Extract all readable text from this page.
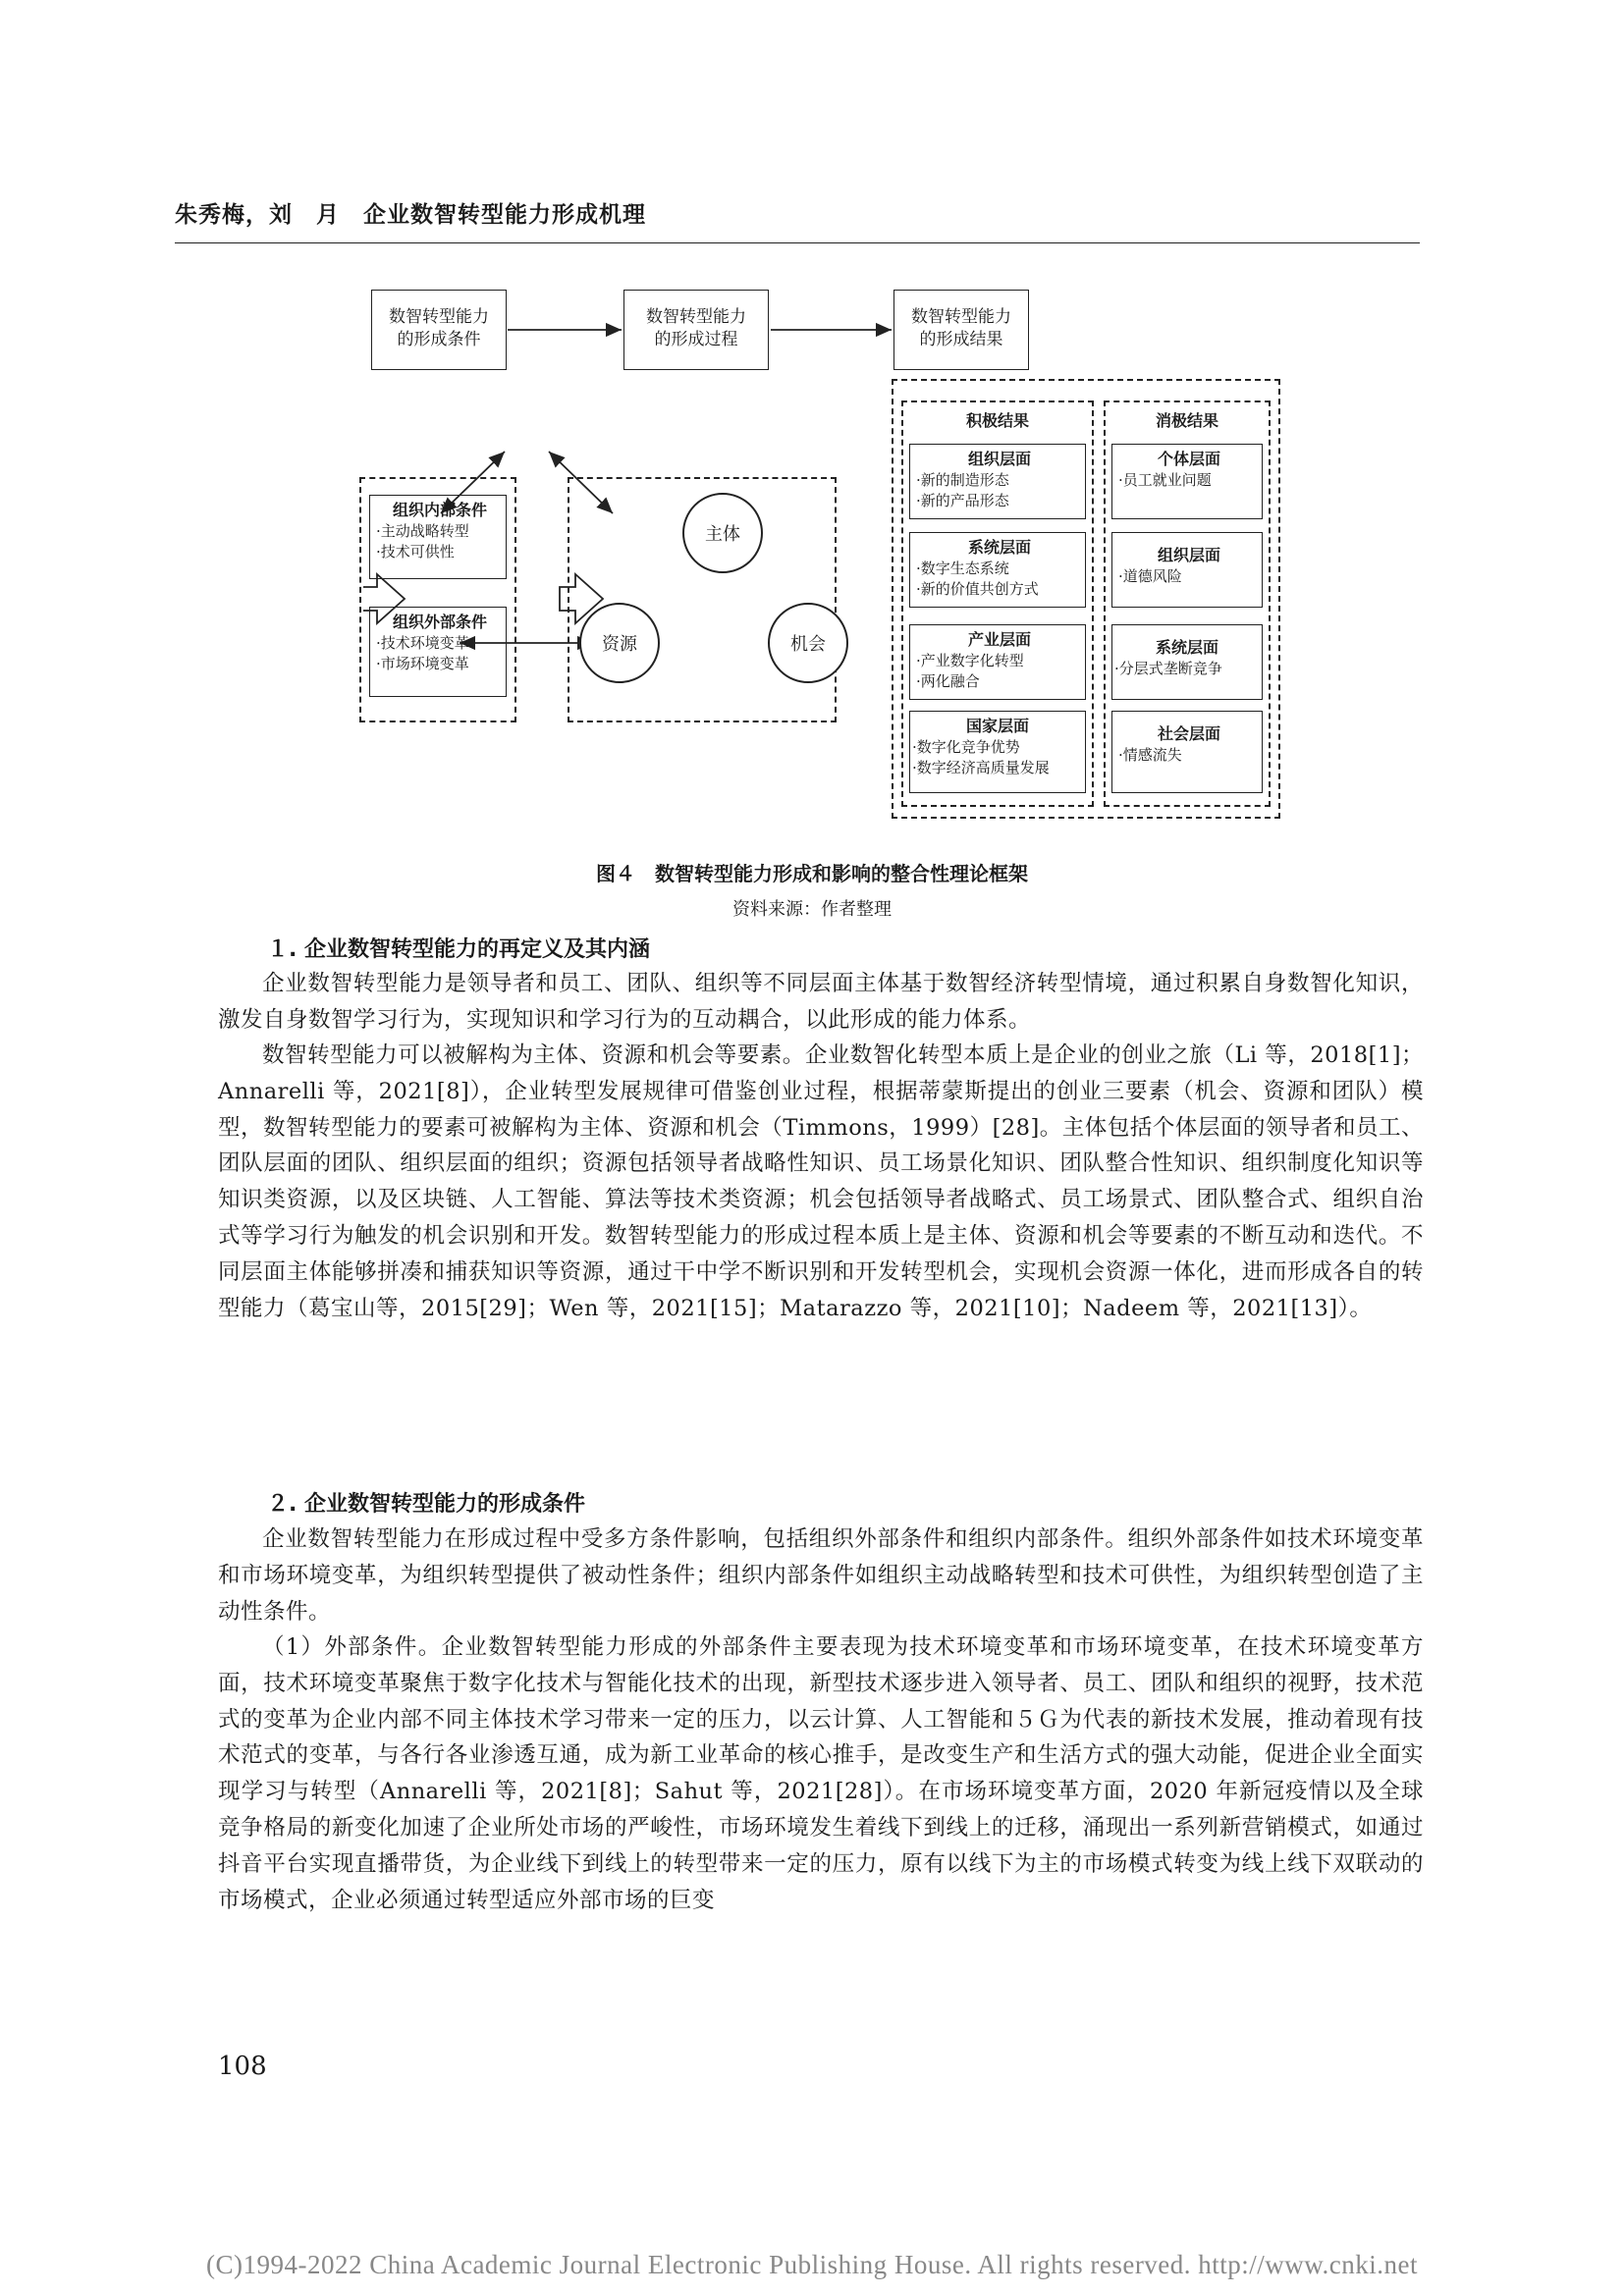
朱秀梅，刘　月　企业数智转型能力形成机理
数智转型能力
的形成条件
数智转型能力
的形成过程
数智转型能力
的形成结果
组织内部条件
·主动战略转型
·技术可供性
组织外部条件
·技术环境变革
·市场环境变革
主体
资源	机会
积极结果
组织层面
·新的制造形态
·新的产品形态
系统层面
·数字生态系统
·新的价值共创方式
产业层面
·产业数字化转型
·两化融合
国家层面
·数字化竞争优势
·数字经济高质量发展
消极结果
个体层面
·员工就业问题
组织层面
·道德风险
系统层面
·分层式垄断竞争
社会层面
·情感流失
图４　数智转型能力形成和影响的整合性理论框架
资料来源：作者整理
１. 企业数智转型能力的再定义及其内涵
企业数智转型能力是领导者和员工、团队、组织等不同层面主体基于数智经济转型情境，通过积累自身数智化知识，激发自身数智学习行为，实现知识和学习行为的互动耦合，以此形成的能力体系。
数智转型能力可以被解构为主体、资源和机会等要素。企业数智化转型本质上是企业的创业之旅（Li 等，2018[1]；Annarelli 等，2021[8]），企业转型发展规律可借鉴创业过程，根据蒂蒙斯提出的创业三要素（机会、资源和团队）模型，数智转型能力的要素可被解构为主体、资源和机会（Timmons，1999）[28]。主体包括个体层面的领导者和员工、团队层面的团队、组织层面的组织；资源包括领导者战略性知识、员工场景化知识、团队整合性知识、组织制度化知识等知识类资源，以及区块链、人工智能、算法等技术类资源；机会包括领导者战略式、员工场景式、团队整合式、组织自治式等学习行为触发的机会识别和开发。数智转型能力的形成过程本质上是主体、资源和机会等要素的不断互动和迭代。不同层面主体能够拼凑和捕获知识等资源，通过干中学不断识别和开发转型机会，实现机会资源一体化，进而形成各自的转型能力（葛宝山等，2015[29]；Wen 等，2021[15]；Matarazzo 等，2021[10]；Nadeem 等，2021[13]）。
２. 企业数智转型能力的形成条件
企业数智转型能力在形成过程中受多方条件影响，包括组织外部条件和组织内部条件。组织外部条件如技术环境变革和市场环境变革，为组织转型提供了被动性条件；组织内部条件如组织主动战略转型和技术可供性，为组织转型创造了主动性条件。
（1）外部条件。企业数智转型能力形成的外部条件主要表现为技术环境变革和市场环境变革，在技术环境变革方面，技术环境变革聚焦于数字化技术与智能化技术的出现，新型技术逐步进入领导者、员工、团队和组织的视野，技术范式的变革为企业内部不同主体技术学习带来一定的压力，以云计算、人工智能和５Ｇ为代表的新技术发展，推动着现有技术范式的变革，与各行各业渗透互通，成为新工业革命的核心推手，是改变生产和生活方式的强大动能，促进企业全面实现学习与转型（Annarelli 等，2021[8]；Sahut 等，2021[28]）。在市场环境变革方面，2020 年新冠疫情以及全球竞争格局的新变化加速了企业所处市场的严峻性，市场环境发生着线下到线上的迁移，涌现出一系列新营销模式，如通过抖音平台实现直播带货，为企业线下到线上的转型带来一定的压力，原有以线下为主的市场模式转变为线上线下双联动的市场模式，企业必须通过转型适应外部市场的巨变
108
(C)1994-2022 China Academic Journal Electronic Publishing House. All rights reserved. http://www.cnki.net
